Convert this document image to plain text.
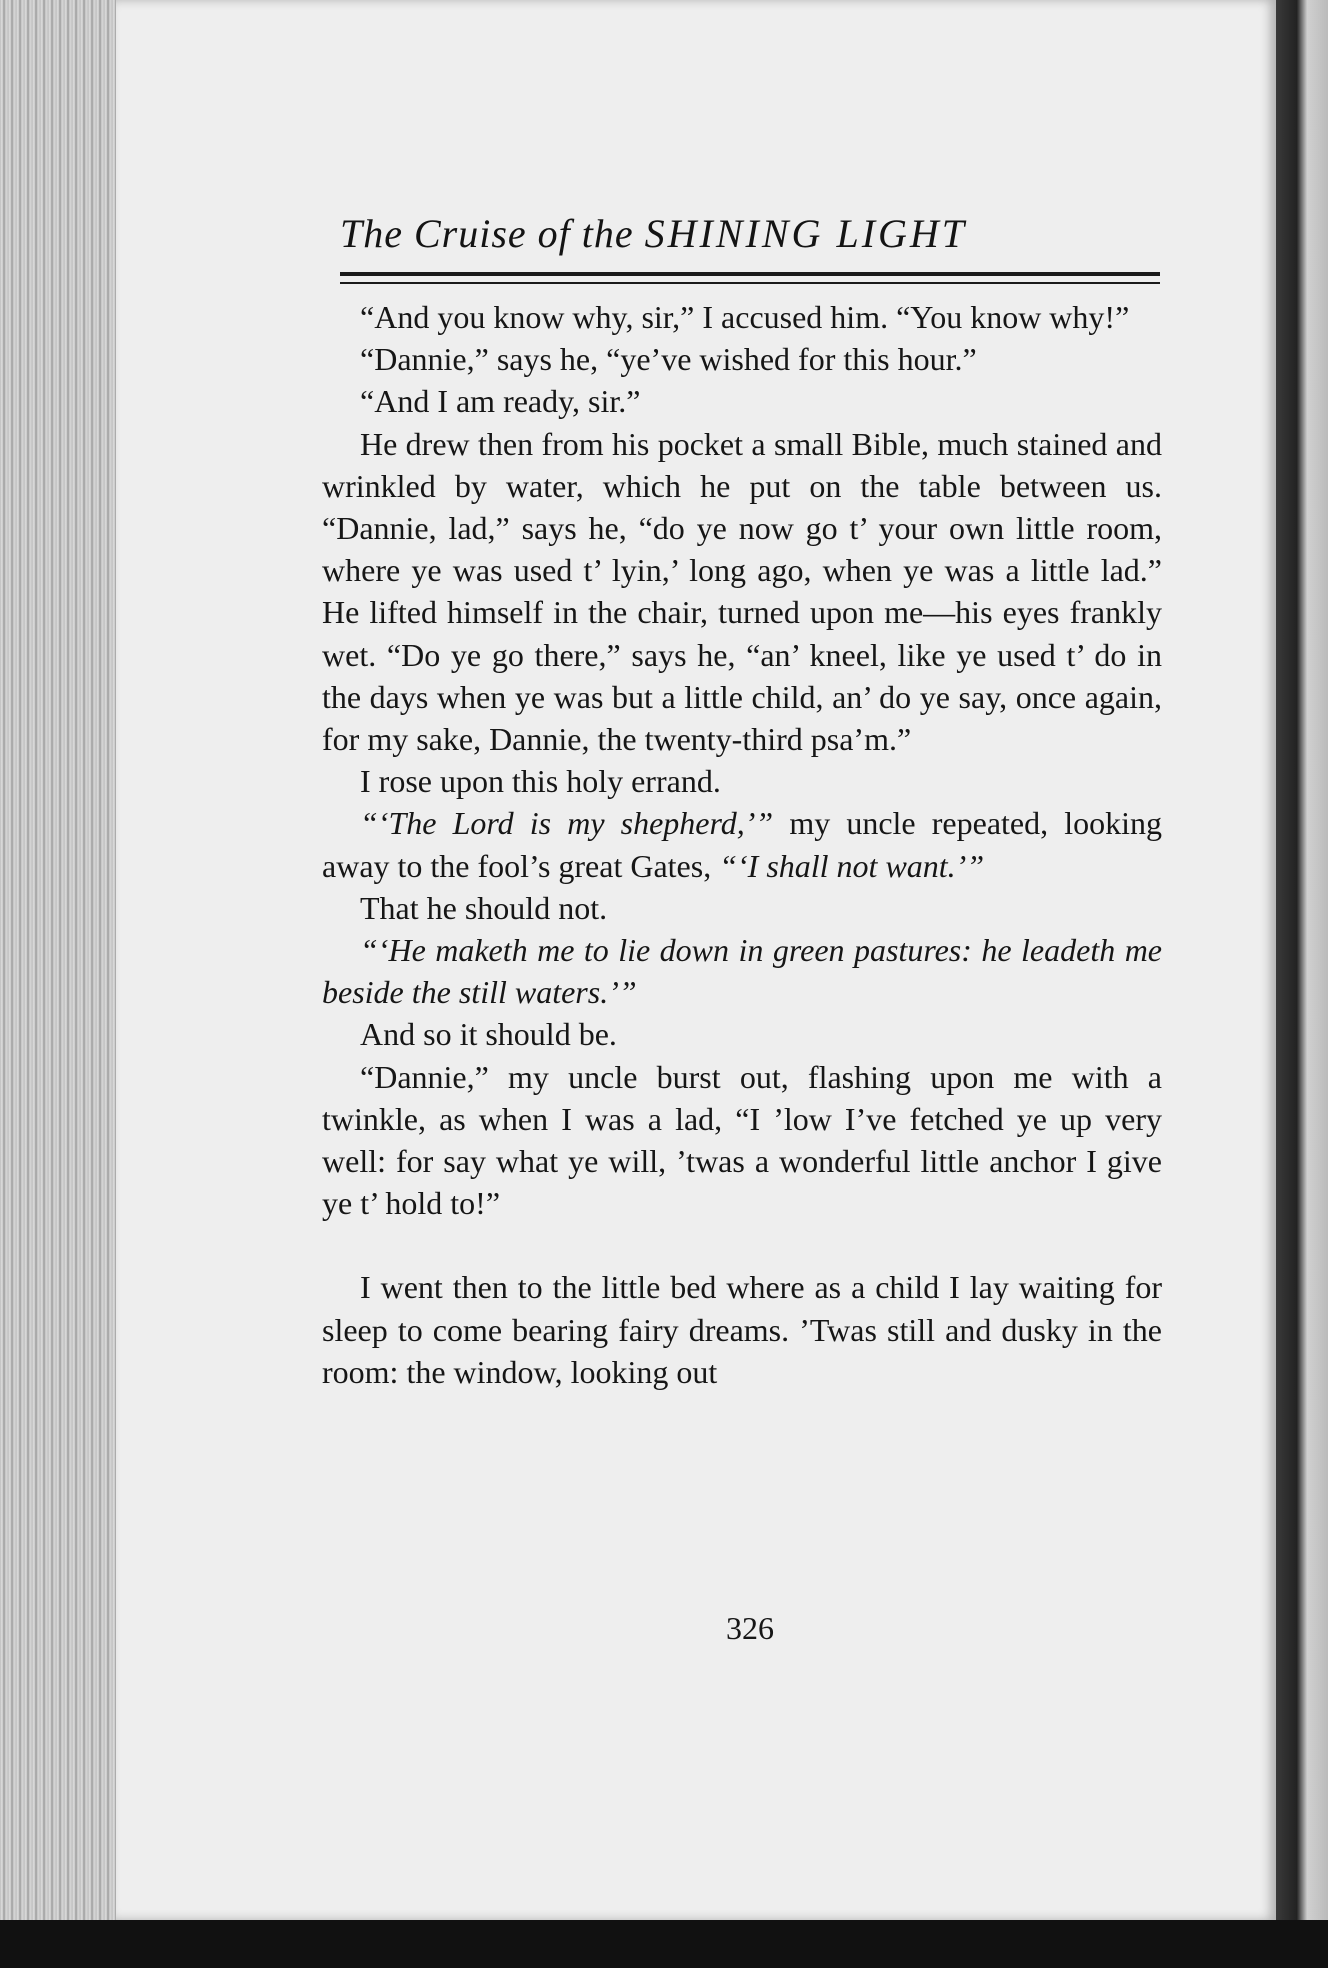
The Cruise of the SHINING LIGHT

“And you know why, sir,” I accused him. “You know why!”

“Dannie,” says he, “ye’ve wished for this hour.”

“And I am ready, sir.”

He drew then from his pocket a small Bible, much stained and wrinkled by water, which he put on the table between us. “Dannie, lad,” says he, “do ye now go t’ your own little room, where ye was used t’ lyin,’ long ago, when ye was a little lad.” He lifted himself in the chair, turned upon me—his eyes frankly wet. “Do ye go there,” says he, “an’ kneel, like ye used t’ do in the days when ye was but a little child, an’ do ye say, once again, for my sake, Dannie, the twenty-third psa’m.”

I rose upon this holy errand.

“‘The Lord is my shepherd,’” my uncle repeated, looking away to the fool’s great Gates, “‘I shall not want.’”

That he should not.

“‘He maketh me to lie down in green pastures: he leadeth me beside the still waters.’”

And so it should be.

“Dannie,” my uncle burst out, flashing upon me with a twinkle, as when I was a lad, “I ’low I’ve fetched ye up very well: for say what ye will, ’twas a wonderful little anchor I give ye t’ hold to!”

I went then to the little bed where as a child I lay waiting for sleep to come bearing fairy dreams. ’Twas still and dusky in the room: the window, looking out

326
